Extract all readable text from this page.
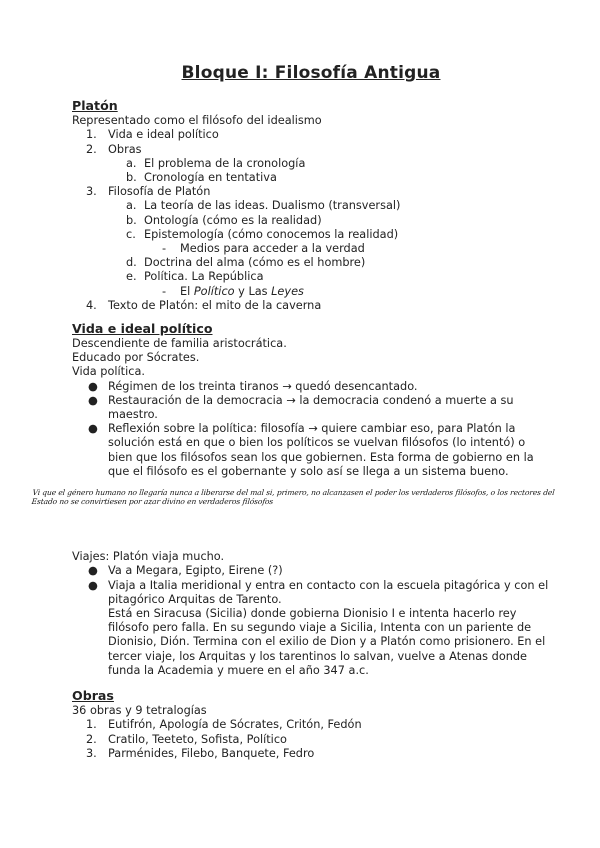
Bloque I: Filosofía Antigua

Platón

Representado como el filósofo del idealismo

1. Vida e ideal político
2. Obras
a. El problema de la cronología
b. Cronología en tentativa
3. Filosofía de Platón
a. La teoría de las ideas. Dualismo (transversal)
b. Ontología (cómo es la realidad)
c. Epistemología (cómo conocemos la realidad)
- Medios para acceder a la verdad
d. Doctrina del alma (cómo es el hombre)
e. Política. La República
- El Político y Las Leyes
4. Texto de Platón: el mito de la caverna

Vida e ideal político

Descendiente de familia aristocrática.

Educado por Sócrates.

Vida política.

● Régimen de los treinta tiranos → quedó desencantado.
● Restauración de la democracia → la democracia condenó a muerte a su maestro.
● Reflexión sobre la política: filosofía → quiere cambiar eso, para Platón la solución está en que o bien los políticos se vuelvan filósofos (lo intentó) o bien que los filósofos sean los que gobiernen. Esta forma de gobierno en la que el filósofo es el gobernante y solo así se llega a un sistema bueno.

Vi que el género humano no llegaría nunca a liberarse del mal si, primero, no alcanzasen el poder los verdaderos filósofos, o los rectores del Estado no se convirtiesen por azar divino en verdaderos filósofos

Viajes: Platón viaja mucho.

● Va a Megara, Egipto, Eirene (?)
● Viaja a Italia meridional y entra en contacto con la escuela pitagórica y con el pitagórico Arquitas de Tarento.
Está en Siracusa (Sicilia) donde gobierna Dionisio I e intenta hacerlo rey filósofo pero falla. En su segundo viaje a Sicilia, Intenta con un pariente de Dionisio, Dión. Termina con el exilio de Dion y a Platón como prisionero. En el tercer viaje, los Arquitas y los tarentinos lo salvan, vuelve a Atenas donde funda la Academia y muere en el año 347 a.c.

Obras

36 obras y 9 tetralogías

1. Eutifrón, Apología de Sócrates, Critón, Fedón
2. Cratilo, Teeteto, Sofista, Político
3. Parménides, Filebo, Banquete, Fedro
